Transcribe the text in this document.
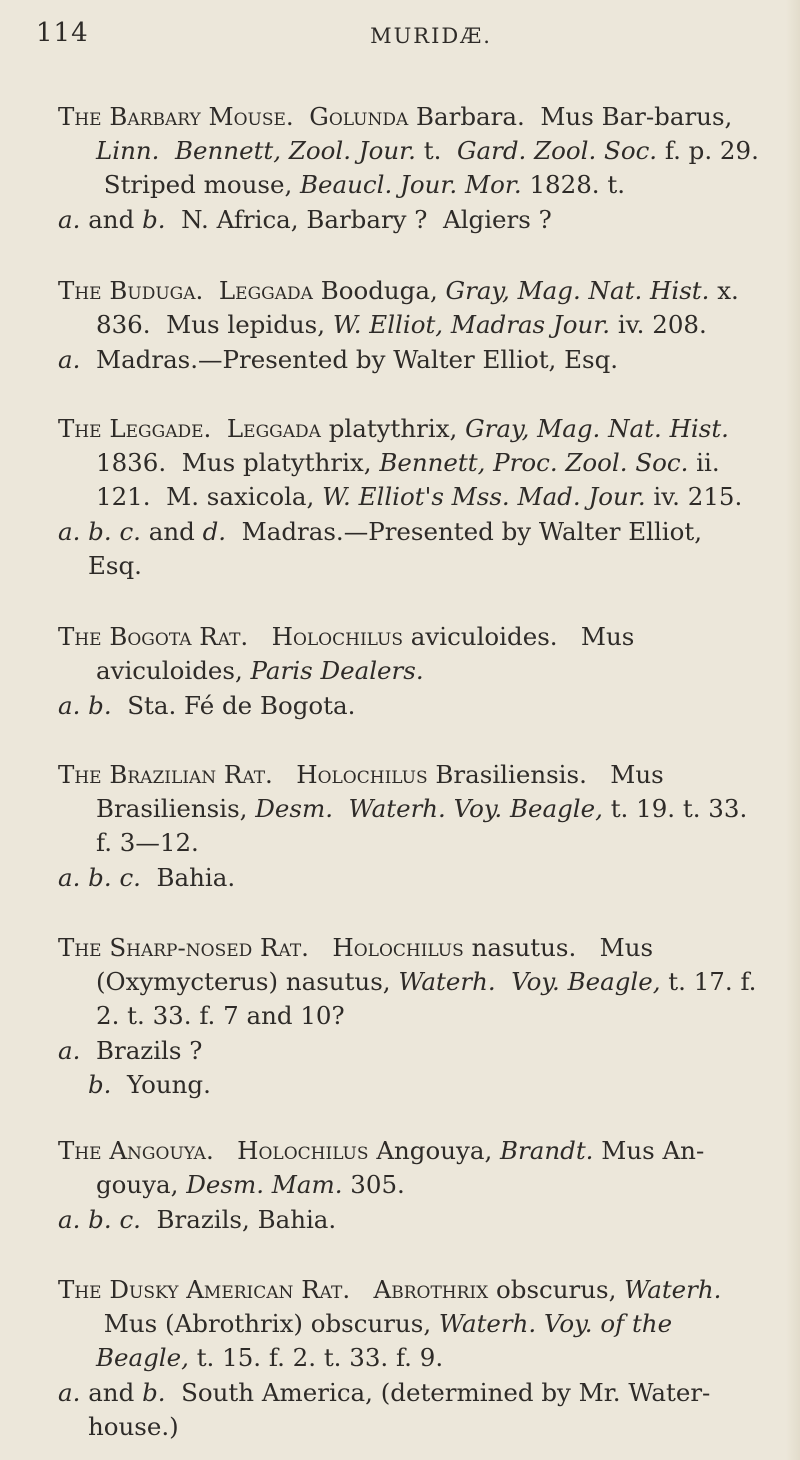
114	MURIDÆ.

The Barbary Mouse. Golunda Barbara.  Mus Bar-barus, Linn.  Bennett, Zool. Jour. t.  Gard. Zool. Soc. f. p. 29.  Striped mouse, Beaucl. Jour. Mor. 1828. t.

a. and b.  N. Africa, Barbary ?  Algiers ?

The Buduga. Leggada Booduga, Gray, Mag. Nat. Hist. x. 836.  Mus lepidus, W. Elliot, Madras Jour. iv. 208.

a.  Madras.—Presented by Walter Elliot, Esq.

The Leggade. Leggada platythrix, Gray, Mag. Nat. Hist. 1836.  Mus platythrix, Bennett, Proc. Zool. Soc. ii. 121.  M. saxicola, W. Elliot's Mss. Mad. Jour. iv. 215.

a. b. c. and d.  Madras.—Presented by Walter Elliot, Esq.

The Bogota Rat. Holochilus aviculoides.   Mus aviculoides, Paris Dealers.

a. b.  Sta. Fé de Bogota.

The Brazilian Rat. Holochilus Brasiliensis.   Mus Brasiliensis, Desm.  Waterh. Voy. Beagle, t. 19. t. 33. f. 3—12.

a. b. c.  Bahia.

The Sharp-nosed Rat. Holochilus nasutus.   Mus (Oxymycterus) nasutus, Waterh.  Voy. Beagle, t. 17. f. 2. t. 33. f. 7 and 10?

a.  Brazils ?
b.  Young.

The Angouya. Holochilus Angouya, Brandt. Mus An-gouya, Desm. Mam. 305.

a. b. c.  Brazils, Bahia.

The Dusky American Rat. Abrothrix obscurus, Waterh.  Mus (Abrothrix) obscurus, Waterh. Voy. of the Beagle, t. 15. f. 2. t. 33. f. 9.

a. and b.  South America, (determined by Mr. Water-house.)
